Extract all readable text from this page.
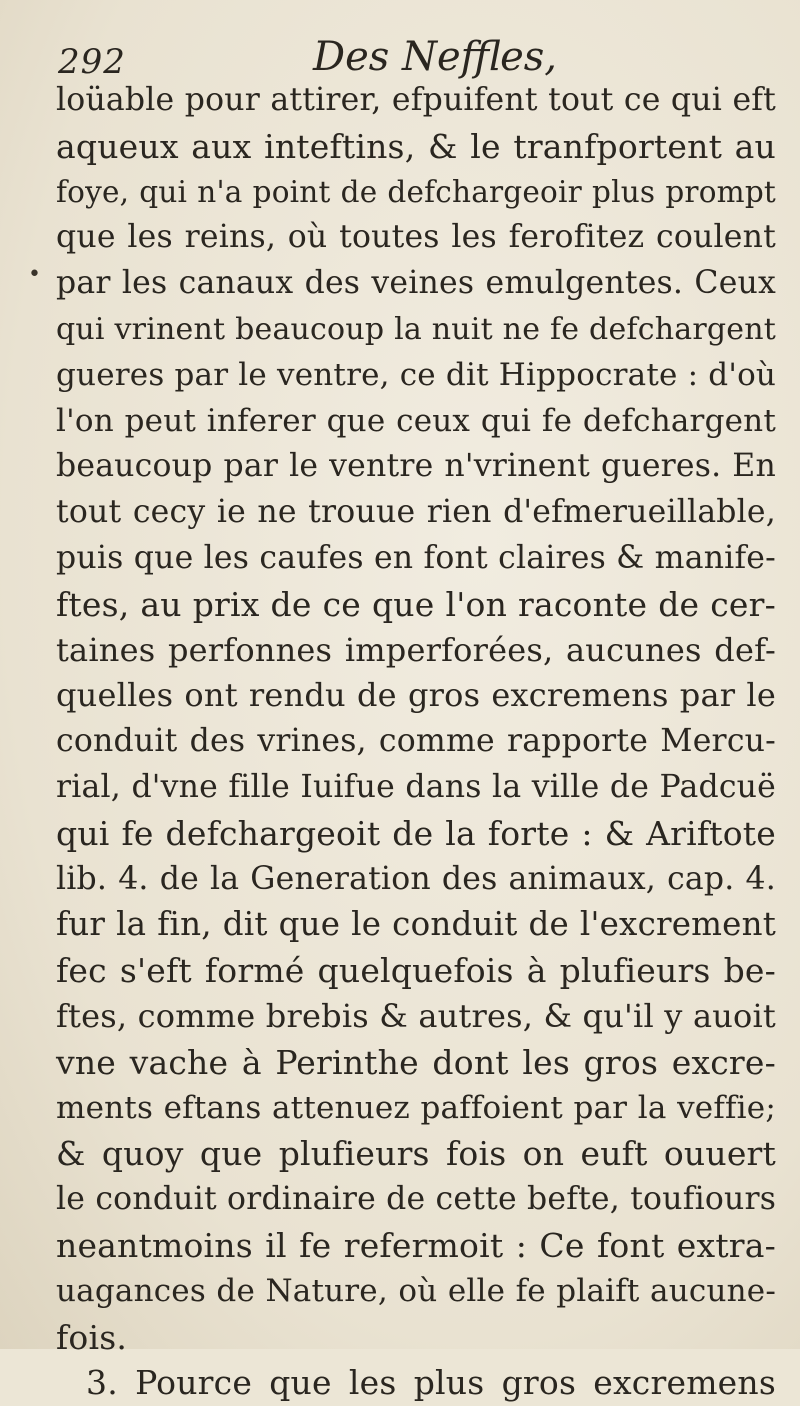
292	Des Neffles,
•
loüable pour attirer, efpuifent tout ce qui eft
aqueux aux inteftins, & le tranfportent au
foye, qui n'a point de defchargeoir plus prompt
que les reins, où toutes les ferofitez coulent
par les canaux des veines emulgentes. Ceux
qui vrinent beaucoup la nuit ne fe defchargent
gueres par le ventre, ce dit Hippocrate : d'où
l'on peut inferer que ceux qui fe defchargent
beaucoup par le ventre n'vrinent gueres. En
tout cecy ie ne trouue rien d'efmerueillable,
puis que les caufes en font claires & manife-
ftes, au prix de ce que l'on raconte de cer-
taines perfonnes imperforées, aucunes def-
quelles ont rendu de gros excremens par le
conduit des vrines, comme rapporte Mercu-
rial, d'vne fille Iuifue dans la ville de Padcuë
qui fe defchargeoit de la forte : & Ariftote
lib. 4. de la Generation des animaux, cap. 4.
fur la fin, dit que le conduit de l'excrement
fec s'eft formé quelquefois à plufieurs be-
ftes, comme brebis & autres, & qu'il y auoit
vne vache à Perinthe dont les gros excre-
ments eftans attenuez paffoient par la veffie;
& quoy que plufieurs fois on euft ouuert
le conduit ordinaire de cette befte, toufiours
neantmoins il fe refermoit : Ce font extra-
uagances de Nature, où elle fe plaift aucune-
fois.
3. Pource que les plus gros excremens
